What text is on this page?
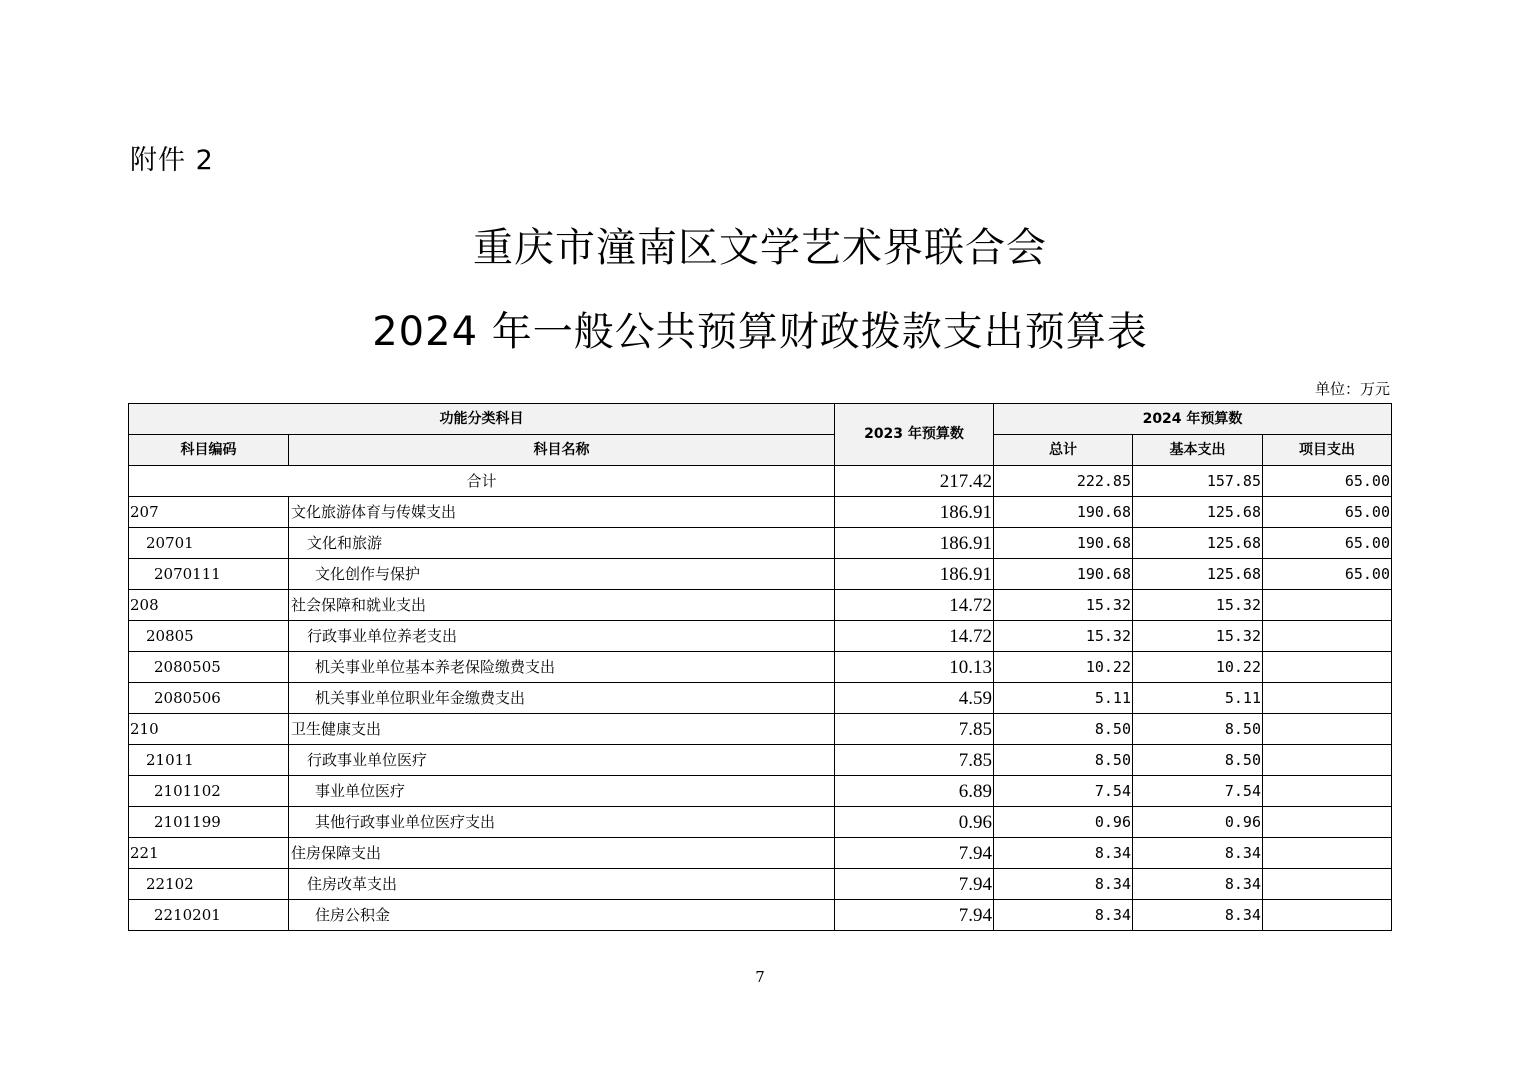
附件 2
重庆市潼南区文学艺术界联合会
2024 年一般公共预算财政拨款支出预算表
单位：万元
功能分类科目		2023 年预算数	2024 年预算数		
科目编码	科目名称		总计	基本支出	项目支出
合计		217.42	222.85	157.85	65.00
207	文化旅游体育与传媒支出	186.91	190.68	125.68	65.00
20701	文化和旅游	186.91	190.68	125.68	65.00
2070111	文化创作与保护	186.91	190.68	125.68	65.00
208	社会保障和就业支出	14.72	15.32	15.32	
20805	行政事业单位养老支出	14.72	15.32	15.32	
2080505	机关事业单位基本养老保险缴费支出	10.13	10.22	10.22	
2080506	机关事业单位职业年金缴费支出	4.59	5.11	5.11	
210	卫生健康支出	7.85	8.50	8.50	
21011	行政事业单位医疗	7.85	8.50	8.50	
2101102	事业单位医疗	6.89	7.54	7.54	
2101199	其他行政事业单位医疗支出	0.96	0.96	0.96	
221	住房保障支出	7.94	8.34	8.34	
22102	住房改革支出	7.94	8.34	8.34	
2210201	住房公积金	7.94	8.34	8.34	
7
